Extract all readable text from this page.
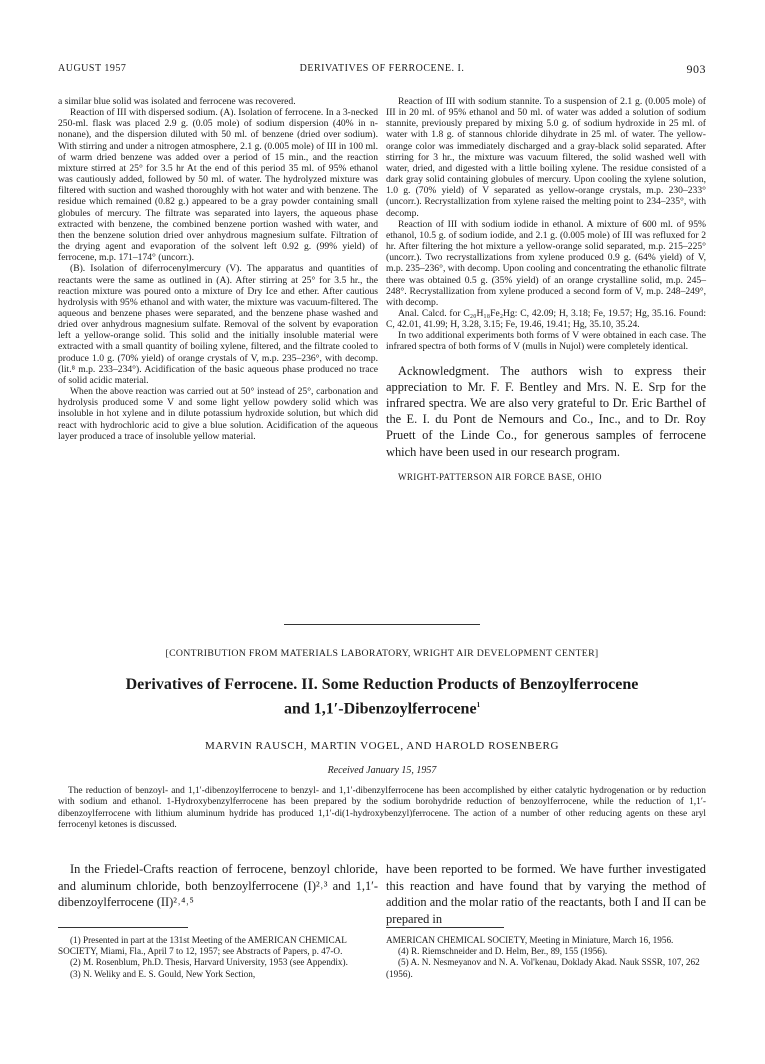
AUGUST 1957	DERIVATIVES OF FERROCENE. I.	903

a similar blue solid was isolated and ferrocene was recovered.

Reaction of III with dispersed sodium. (A). Isolation of ferrocene. In a 3-necked 250-ml. flask was placed 2.9 g. (0.05 mole) of sodium dispersion (40% in n-nonane), and the dispersion diluted with 50 ml. of benzene (dried over sodium). With stirring and under a nitrogen atmosphere, 2.1 g. (0.005 mole) of III in 100 ml. of warm dried benzene was added over a period of 15 min., and the reaction mixture stirred at 25° for 3.5 hr At the end of this period 35 ml. of 95% ethanol was cautiously added, followed by 50 ml. of water. The hydrolyzed mixture was filtered with suction and washed thoroughly with hot water and with benzene. The residue which remained (0.82 g.) appeared to be a gray powder containing small globules of mercury. The filtrate was separated into layers, the aqueous phase extracted with benzene, the combined benzene portion washed with water, and then the benzene solution dried over anhydrous magnesium sulfate. Filtration of the drying agent and evaporation of the solvent left 0.92 g. (99% yield) of ferrocene, m.p. 171–174° (uncorr.).

(B). Isolation of diferrocenylmercury (V). The apparatus and quantities of reactants were the same as outlined in (A). After stirring at 25° for 3.5 hr., the reaction mixture was poured onto a mixture of Dry Ice and ether. After cautious hydrolysis with 95% ethanol and with water, the mixture was vacuum-filtered. The aqueous and benzene phases were separated, and the benzene phase washed and dried over anhydrous magnesium sulfate. Removal of the solvent by evaporation left a yellow-orange solid. This solid and the initially insoluble material were extracted with a small quantity of boiling xylene, filtered, and the filtrate cooled to produce 1.0 g. (70% yield) of orange crystals of V, m.p. 235–236°, with decomp. (lit.⁸ m.p. 233–234°). Acidification of the basic aqueous phase produced no trace of solid acidic material.

When the above reaction was carried out at 50° instead of 25°, carbonation and hydrolysis produced some V and some light yellow powdery solid which was insoluble in hot xylene and in dilute potassium hydroxide solution, but which did react with hydrochloric acid to give a blue solution. Acidification of the aqueous layer produced a trace of insoluble yellow material.

Reaction of III with sodium stannite. To a suspension of 2.1 g. (0.005 mole) of III in 20 ml. of 95% ethanol and 50 ml. of water was added a solution of sodium stannite, previously prepared by mixing 5.0 g. of sodium hydroxide in 25 ml. of water with 1.8 g. of stannous chloride dihydrate in 25 ml. of water. The yellow-orange color was immediately discharged and a gray-black solid separated. After stirring for 3 hr., the mixture was vacuum filtered, the solid washed well with water, dried, and digested with a little boiling xylene. The residue consisted of a dark gray solid containing globules of mercury. Upon cooling the xylene solution, 1.0 g. (70% yield) of V separated as yellow-orange crystals, m.p. 230–233° (uncorr.). Recrystallization from xylene raised the melting point to 234–235°, with decomp.

Reaction of III with sodium iodide in ethanol. A mixture of 600 ml. of 95% ethanol, 10.5 g. of sodium iodide, and 2.1 g. (0.005 mole) of III was refluxed for 2 hr. After filtering the hot mixture a yellow-orange solid separated, m.p. 215–225° (uncorr.). Two recrystallizations from xylene produced 0.9 g. (64% yield) of V, m.p. 235–236°, with decomp. Upon cooling and concentrating the ethanolic filtrate there was obtained 0.5 g. (35% yield) of an orange crystalline solid, m.p. 245–248°. Recrystallization from xylene produced a second form of V, m.p. 248–249°, with decomp.

Anal. Calcd. for C₂₀H₁₈Fe₂Hg: C, 42.09; H, 3.18; Fe, 19.57; Hg, 35.16. Found: C, 42.01, 41.99; H, 3.28, 3.15; Fe, 19.46, 19.41; Hg, 35.10, 35.24.

In two additional experiments both forms of V were obtained in each case. The infrared spectra of both forms of V (mulls in Nujol) were completely identical.

Acknowledgment. The authors wish to express their appreciation to Mr. F. F. Bentley and Mrs. N. E. Srp for the infrared spectra. We are also very grateful to Dr. Eric Barthel of the E. I. du Pont de Nemours and Co., Inc., and to Dr. Roy Pruett of the Linde Co., for generous samples of ferrocene which have been used in our research program.

WRIGHT-PATTERSON AIR FORCE BASE, OHIO

[CONTRIBUTION FROM MATERIALS LABORATORY, WRIGHT AIR DEVELOPMENT CENTER]
Derivatives of Ferrocene. II. Some Reduction Products of Benzoylferrocene
and 1,1′-Dibenzoylferrocene$^1$
MARVIN RAUSCH, MARTIN VOGEL, AND HAROLD ROSENBERG
Received January 15, 1957

The reduction of benzoyl- and 1,1′-dibenzoylferrocene to benzyl- and 1,1′-dibenzylferrocene has been accomplished by either catalytic hydrogenation or by reduction with sodium and ethanol. 1-Hydroxybenzylferrocene has been prepared by the sodium borohydride reduction of benzoylferrocene, while the reduction of 1,1′-dibenzoylferrocene with lithium aluminum hydride has produced 1,1′-di(1-hydroxybenzyl)ferrocene. The action of a number of other reducing agents on these aryl ferrocenyl ketones is discussed.

In the Friedel-Crafts reaction of ferrocene, benzoyl chloride, and aluminum chloride, both benzoylferrocene (I)²˒³ and 1,1′-dibenzoylferrocene (II)²˒⁴˒⁵

have been reported to be formed. We have further investigated this reaction and have found that by varying the method of addition and the molar ratio of the reactants, both I and II can be prepared in

(1) Presented in part at the 131st Meeting of the AMERICAN CHEMICAL SOCIETY, Miami, Fla., April 7 to 12, 1957; see Abstracts of Papers, p. 47-O.

(2) M. Rosenblum, Ph.D. Thesis, Harvard University, 1953 (see Appendix).

(3) N. Weliky and E. S. Gould, New York Section,

AMERICAN CHEMICAL SOCIETY, Meeting in Miniature, March 16, 1956.

(4) R. Riemschneider and D. Helm, Ber., 89, 155 (1956).

(5) A. N. Nesmeyanov and N. A. Vol'kenau, Doklady Akad. Nauk SSSR, 107, 262 (1956).
